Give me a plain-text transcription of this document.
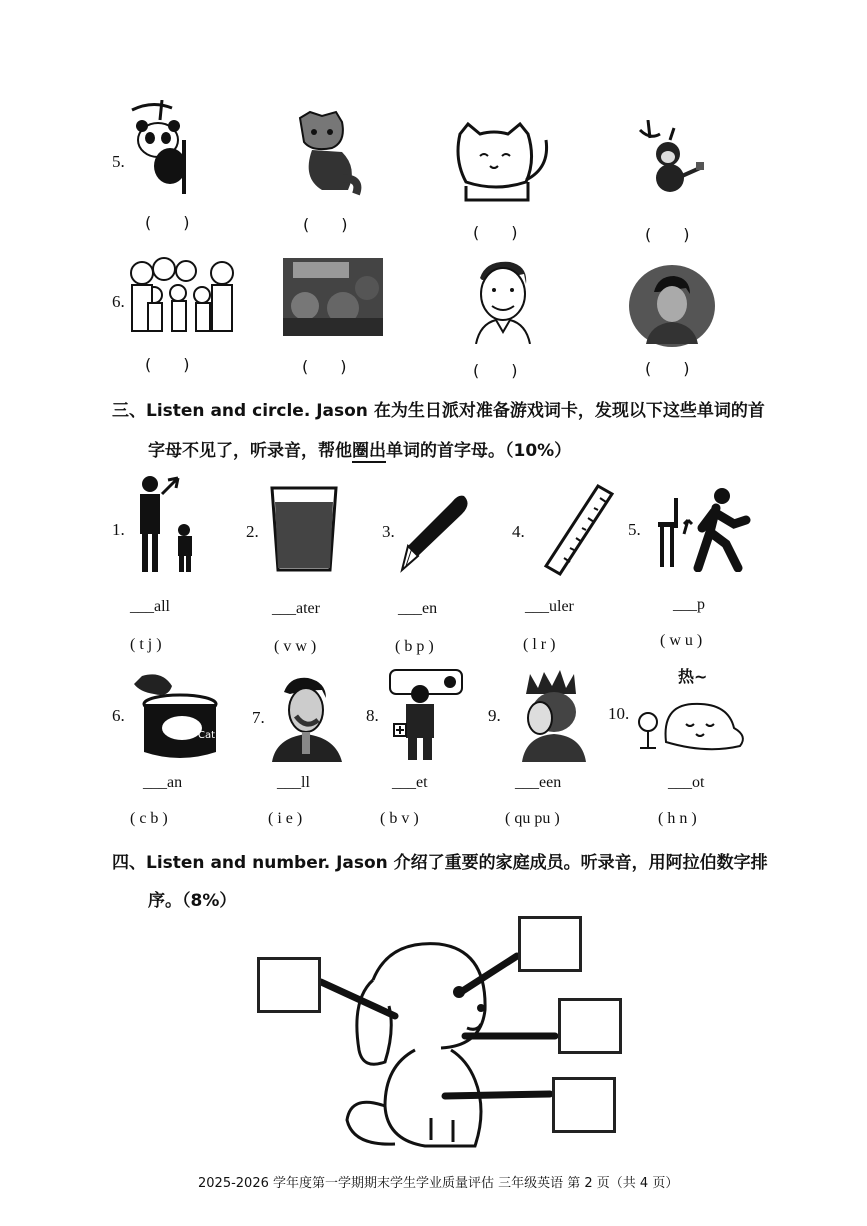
5.
(　　)	(　　)	(　　)	(　　)
6.
(　　)	(　　)	(　　)	(　　)
三、Listen and circle. Jason 在为生日派对准备游戏词卡，发现以下这些单词的首
字母不见了，听录音，帮他圈出单词的首字母。（10%）
1.	2.	3.	4.	5.
___all	___ater	___en	___uler	___p
( t j )	( v w )	( b p )	( l r )	( w u )
6.
Cat
7.	8.	9.	10.
热~
___an	___ll	___et	___een	___ot
( c b )	( i e )	( b v )	( qu pu )	( h n )
四、Listen and number. Jason 介绍了重要的家庭成员。听录音，用阿拉伯数字排
序。（8%）
2025-2026 学年度第一学期期末学生学业质量评估 三年级英语 第 2 页（共 4 页）
